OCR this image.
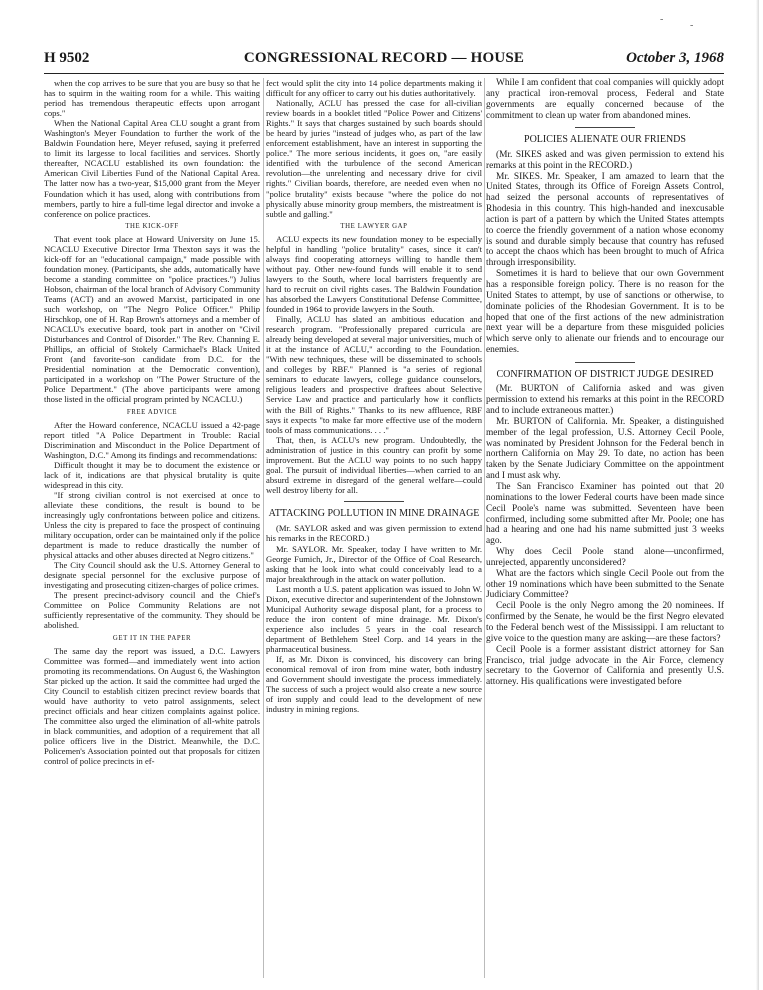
-
-
H 9502	CONGRESSIONAL RECORD — HOUSE	October 3, 1968

when the cop arrives to be sure that you are busy so that he has to squirm in the waiting room for a while. This waiting period has tremendous therapeutic effects upon arrogant cops."

When the National Capital Area CLU sought a grant from Washington's Meyer Foundation to further the work of the Baldwin Foundation here, Meyer refused, saying it preferred to limit its largesse to local facilities and services. Shortly thereafter, NCACLU established its own foundation: the American Civil Liberties Fund of the National Capital Area. The latter now has a two-year, $15,000 grant from the Meyer Foundation which it has used, along with contributions from members, partly to hire a full-time legal director and invoke a conference on police practices.

THE KICK-OFF

That event took place at Howard University on June 15. NCACLU Executive Director Irma Thexton says it was the kick-off for an "educational campaign," made possible with foundation money. (Participants, she adds, automatically have become a standing committee on "police practices.") Julius Hobson, chairman of the local branch of Advisory Community Teams (ACT) and an avowed Marxist, participated in one such workshop, on "The Negro Police Officer." Philip Hirschkop, one of H. Rap Brown's attorneys and a member of NCACLU's executive board, took part in another on "Civil Disturbances and Control of Disorder." The Rev. Channing E. Phillips, an official of Stokely Carmichael's Black United Front (and favorite-son candidate from D.C. for the Presidential nomination at the Democratic convention), participated in a workshop on "The Power Structure of the Police Department." (The above participants were among those listed in the official program printed by NCACLU.)

FREE ADVICE

After the Howard conference, NCACLU issued a 42-page report titled "A Police Department in Trouble: Racial Discrimination and Misconduct in the Police Department of Washington, D.C." Among its findings and recommendations:

Difficult thought it may be to document the existence or lack of it, indications are that physical brutality is quite widespread in this city.

"If strong civilian control is not exercised at once to alleviate these conditions, the result is bound to be increasingly ugly confrontations between police and citizens. Unless the city is prepared to face the prospect of continuing military occupation, order can be maintained only if the police department is made to reduce drastically the number of physical attacks and other abuses directed at Negro citizens."

The City Council should ask the U.S. Attorney General to designate special personnel for the exclusive purpose of investigating and prosecuting citizen-charges of police crimes.

The present precinct-advisory council and the Chief's Committee on Police Community Relations are not sufficiently representative of the community. They should be abolished.

GET IT IN THE PAPER

The same day the report was issued, a D.C. Lawyers Committee was formed—and immediately went into action promoting its recommendations. On August 6, the Washington Star picked up the action. It said the committee had urged the City Council to establish citizen precinct review boards that would have authority to veto patrol assignments, select precinct officials and hear citizen complaints against police. The committee also urged the elimination of all-white patrols in black communities, and adoption of a requirement that all police officers live in the District. Meanwhile, the D.C. Policemen's Association pointed out that proposals for citizen control of police precincts in ef-

fect would split the city into 14 police departments making it difficult for any officer to carry out his duties authoritatively.

Nationally, ACLU has pressed the case for all-civilian review boards in a booklet titled "Police Power and Citizens' Rights." It says that charges sustained by such boards should be heard by juries "instead of judges who, as part of the law enforcement establishment, have an interest in supporting the police." The more serious incidents, it goes on, "are easily identified with the turbulence of the second American revolution—the unrelenting and necessary drive for civil rights." Civilian boards, therefore, are needed even when no "police brutality" exists because "where the police do not physically abuse minority group members, the mistreatment is subtle and galling."

THE LAWYER GAP

ACLU expects its new foundation money to be especially helpful in handling "police brutality" cases, since it can't always find cooperating attorneys willing to handle them without pay. Other new-found funds will enable it to send lawyers to the South, where local barristers frequently are hard to recruit on civil rights cases. The Baldwin Foundation has absorbed the Lawyers Constitutional Defense Committee, founded in 1964 to provide lawyers in the South.

Finally, ACLU has slated an ambitious education and research program. "Professionally prepared curricula are already being developed at several major universities, much of it at the instance of ACLU," according to the Foundation. "With new techniques, these will be disseminated to schools and colleges by RBF." Planned is "a series of regional seminars to educate lawyers, college guidance counselors, religious leaders and prospective draftees about Selective Service Law and practice and particularly how it conflicts with the Bill of Rights." Thanks to its new affluence, RBF says it expects "to make far more effective use of the modern tools of mass communications. . . ."

That, then, is ACLU's new program. Undoubtedly, the administration of justice in this country can profit by some improvement. But the ACLU way points to no such happy goal. The pursuit of individual liberties—when carried to an absurd extreme in disregard of the general welfare—could well destroy liberty for all.

ATTACKING POLLUTION IN MINE DRAINAGE

(Mr. SAYLOR asked and was given permission to extend his remarks in the RECORD.)

Mr. SAYLOR. Mr. Speaker, today I have written to Mr. George Fumich, Jr., Director of the Office of Coal Research, asking that he look into what could conceivably lead to a major breakthrough in the attack on water pollution.

Last month a U.S. patent application was issued to John W. Dixon, executive director and superintendent of the Johnstown Municipal Authority sewage disposal plant, for a process to reduce the iron content of mine drainage. Mr. Dixon's experience also includes 5 years in the coal research department of Bethlehem Steel Corp. and 14 years in the pharmaceutical business.

If, as Mr. Dixon is convinced, his discovery can bring economical removal of iron from mine water, both industry and Government should investigate the process immediately. The success of such a project would also create a new source of iron supply and could lead to the development of new industry in mining regions.

While I am confident that coal companies will quickly adopt any practical iron-removal process, Federal and State governments are equally concerned because of the commitment to clean up water from abandoned mines.

POLICIES ALIENATE OUR FRIENDS

(Mr. SIKES asked and was given permission to extend his remarks at this point in the RECORD.)

Mr. SIKES. Mr. Speaker, I am amazed to learn that the United States, through its Office of Foreign Assets Control, had seized the personal accounts of representatives of Rhodesia in this country. This high-handed and inexcusable action is part of a pattern by which the United States attempts to coerce the friendly government of a nation whose economy is sound and durable simply because that country has refused to accept the chaos which has been brought to much of Africa through irresponsibility.

Sometimes it is hard to believe that our own Government has a responsible foreign policy. There is no reason for the United States to attempt, by use of sanctions or otherwise, to dominate policies of the Rhodesian Government. It is to be hoped that one of the first actions of the new administration next year will be a departure from these misguided policies which serve only to alienate our friends and to encourage our enemies.

CONFIRMATION OF DISTRICT JUDGE DESIRED

(Mr. BURTON of California asked and was given permission to extend his remarks at this point in the RECORD and to include extraneous matter.)

Mr. BURTON of California. Mr. Speaker, a distinguished member of the legal profession, U.S. Attorney Cecil Poole, was nominated by President Johnson for the Federal bench in northern California on May 29. To date, no action has been taken by the Senate Judiciary Committee on the appointment and I must ask why.

The San Francisco Examiner has pointed out that 20 nominations to the lower Federal courts have been made since Cecil Poole's name was submitted. Seventeen have been confirmed, including some submitted after Mr. Poole; one has had a hearing and one had his name submitted just 3 weeks ago.

Why does Cecil Poole stand alone—unconfirmed, unrejected, apparently unconsidered?

What are the factors which single Cecil Poole out from the other 19 nominations which have been submitted to the Senate Judiciary Committee?

Cecil Poole is the only Negro among the 20 nominees. If confirmed by the Senate, he would be the first Negro elevated to the Federal bench west of the Mississippi. I am reluctant to give voice to the question many are asking—are these factors?

Cecil Poole is a former assistant district attorney for San Francisco, trial judge advocate in the Air Force, clemency secretary to the Governor of California and presently U.S. attorney. His qualifications were investigated before
